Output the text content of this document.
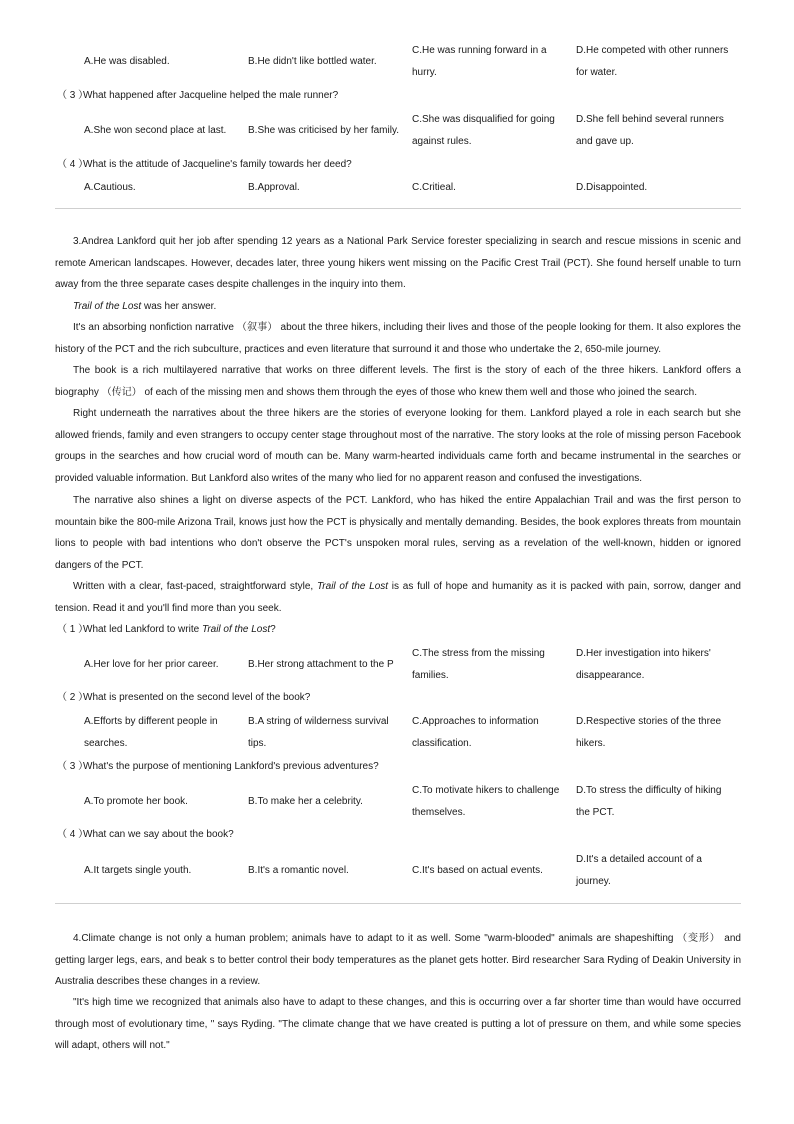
A.He was disabled.	B.He didn't like bottled water.
C.He was running forward in a hurry.
D.He competed with other runners for water.
（ 3 ）What happened after Jacqueline helped the male runner?
A.She won second place at last.	B.She was criticised by her family.
C.She was disqualified for going against rules.
D.She fell behind several runners and gave up.
（ 4 ）What is the attitude of Jacqueline's family towards her deed?
A.Cautious.	B.Approval.	C.Critieal.	D.Disappointed.

3.Andrea Lankford quit her job after spending 12 years as a National Park Service forester specializing in search and rescue missions in scenic and remote American landscapes. However, decades later, three young hikers went missing on the Pacific Crest Trail (PCT). She found herself unable to turn away from the three separate cases despite challenges in the inquiry into them.

Trail of the Lost was her answer.

It's an absorbing nonfiction narrative （叙事） about the three hikers, including their lives and those of the people looking for them. It also explores the history of the PCT and the rich subculture, practices and even literature that surround it and those who undertake the 2, 650-mile journey.

The book is a rich multilayered narrative that works on three different levels. The first is the story of each of the three hikers. Lankford offers a biography （传记） of each of the missing men and shows them through the eyes of those who knew them well and those who joined the search.

Right underneath the narratives about the three hikers are the stories of everyone looking for them. Lankford played a role in each search but she allowed friends, family and even strangers to occupy center stage throughout most of the narrative. The story looks at the role of missing person Facebook groups in the searches and how crucial word of mouth can be. Many warm-hearted individuals came forth and became instrumental in the searches or provided valuable information. But Lankford also writes of the many who lied for no apparent reason and confused the investigations.

The narrative also shines a light on diverse aspects of the PCT. Lankford, who has hiked the entire Appalachian Trail and was the first person to mountain bike the 800-mile Arizona Trail, knows just how the PCT is physically and mentally demanding. Besides, the book explores threats from mountain lions to people with bad intentions who don't observe the PCT's unspoken moral rules, serving as a revelation of the well-known, hidden or ignored dangers of the PCT.

Written with a clear, fast-paced, straightforward style, Trail of the Lost is as full of hope and humanity as it is packed with pain, sorrow, danger and tension. Read it and you'll find more than you seek.

（ 1 ）What led Lankford to write Trail of the Lost?
A.Her love for her prior career.	B.Her strong attachment to the P
C.The stress from the missing families.
D.Her investigation into hikers' disappearance.
（ 2 ）What is presented on the second level of the book?
A.Efforts by different people in searches.
B.A string of wilderness survival tips.
C.Approaches to information classification.
D.Respective stories of the three hikers.
（ 3 ）What's the purpose of mentioning Lankford's previous adventures?
A.To promote her book.	B.To make her a celebrity.
C.To motivate hikers to challenge themselves.
D.To stress the difficulty of hiking the PCT.
（ 4 ）What can we say about the book?
A.It targets single youth.	B.It's a romantic novel.	C.It's based on actual events.
D.It's a detailed account of a journey.

4.Climate change is not only a human problem; animals have to adapt to it as well. Some "warm-blooded" animals are shapeshifting （变形） and getting larger legs, ears, and beak s to better control their body temperatures as the planet gets hotter. Bird researcher Sara Ryding of Deakin University in Australia describes these changes in a review.

"It's high time we recognized that animals also have to adapt to these changes, and this is occurring over a far shorter time than would have occurred through most of evolutionary time, " says Ryding. "The climate change that we have created is putting a lot of pressure on them, and while some species will adapt, others will not."
